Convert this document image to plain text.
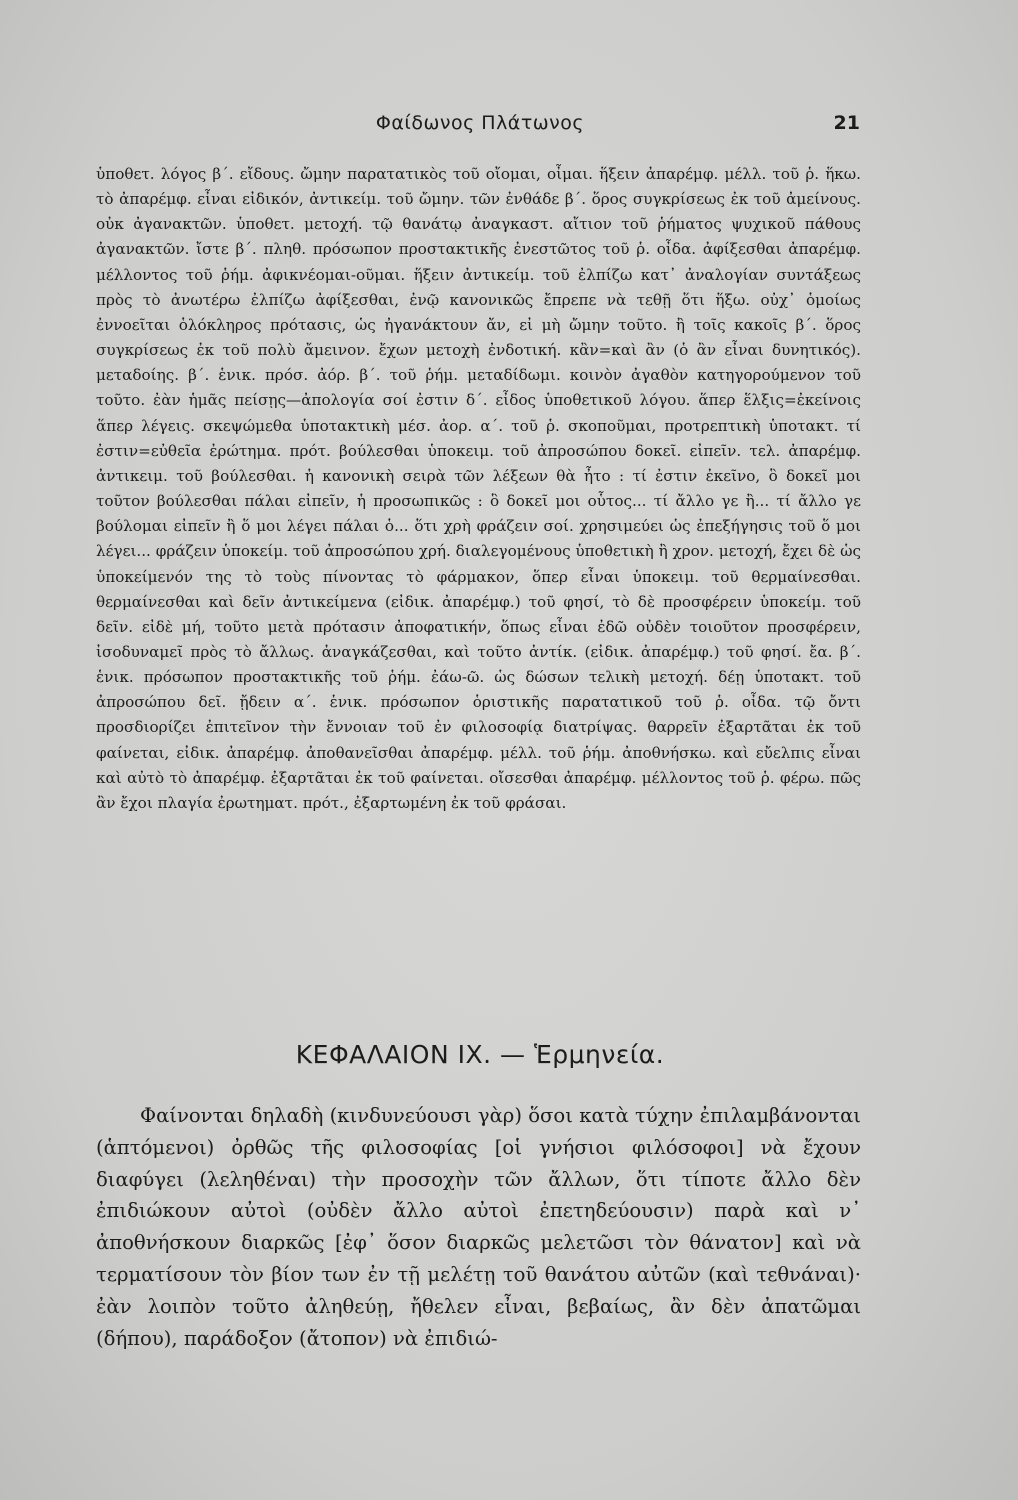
Φαίδωνος Πλάτωνος	21

ὑποθετ. λόγος β΄. εἴδους. ὤμην παρατατικὸς τοῦ οἴομαι, οἶμαι. ἥξειν ἀπαρέμφ. μέλλ. τοῦ ῥ. ἥκω. τὸ ἀπαρέμφ. εἶναι εἰδικόν, ἀντικείμ. τοῦ ὤμην. τῶν ἐνθάδε β΄. ὅρος συγκρίσεως ἐκ τοῦ ἀμείνους. οὐκ ἀγανακτῶν. ὑποθετ. μετοχή. τῷ θανάτῳ ἀναγκαστ. αἴτιον τοῦ ῥήματος ψυχικοῦ πάθους ἀγανακτῶν. ἴστε β΄. πληθ. πρόσωπον προστακτικῆς ἐνεστῶτος τοῦ ῥ. οἶδα. ἀφίξεσθαι ἀπαρέμφ. μέλλοντος τοῦ ῥήμ. ἀφικνέομαι-οῦμαι. ἥξειν ἀντικείμ. τοῦ ἐλπίζω κατ᾽ ἀναλογίαν συντάξεως πρὸς τὸ ἀνωτέρω ἐλπίζω ἀφίξεσθαι, ἐνῷ κανονικῶς ἔπρεπε νὰ τεθῇ ὅτι ἥξω. οὐχ᾽ ὁμοίως ἐννοεῖται ὁλόκληρος πρότασις, ὡς ἠγανάκτουν ἄν, εἰ μὴ ὤμην τοῦτο. ἢ τοῖς κακοῖς β΄. ὅρος συγκρίσεως ἐκ τοῦ πολὺ ἄμεινον. ἔχων μετοχὴ ἐνδοτική. κἂν=καὶ ἂν (ὁ ἂν εἶναι δυνητικός). μεταδοίης. β΄. ἑνικ. πρόσ. ἀόρ. β΄. τοῦ ῥήμ. μεταδίδωμι. κοινὸν ἀγαθὸν κατηγορούμενον τοῦ τοῦτο. ἐὰν ἡμᾶς πείσῃς—ἀπολογία σοί ἐστιν δ΄. εἶδος ὑποθετικοῦ λόγου. ἅπερ ἕλξις=ἐκείνοις ἅπερ λέγεις. σκεψώμεθα ὑποτακτικὴ μέσ. ἀορ. α΄. τοῦ ῥ. σκοποῦμαι, προτρεπτικὴ ὑποτακτ. τί ἐστιν=εὐθεῖα ἐρώτημα. πρότ. βούλεσθαι ὑποκειμ. τοῦ ἀπροσώπου δοκεῖ. εἰπεῖν. τελ. ἀπαρέμφ. ἀντικειμ. τοῦ βούλεσθαι. ἡ κανονικὴ σειρὰ τῶν λέξεων θὰ ἦτο : τί ἐστιν ἐκεῖνο, ὃ δοκεῖ μοι τοῦτον βούλεσθαι πάλαι εἰπεῖν, ἡ προσωπικῶς : ὃ δοκεῖ μοι οὗτος... τί ἄλλο γε ἢ... τί ἄλλο γε βούλομαι εἰπεῖν ἢ ὅ μοι λέγει πάλαι ὁ... ὅτι χρὴ φράζειν σοί. χρησιμεύει ὡς ἐπεξήγησις τοῦ ὅ μοι λέγει... φράζειν ὑποκείμ. τοῦ ἀπροσώπου χρή. διαλεγομένους ὑποθετικὴ ἢ χρον. μετοχή, ἔχει δὲ ὡς ὑποκείμενόν της τὸ τοὺς πίνοντας τὸ φάρμακον, ὅπερ εἶναι ὑποκειμ. τοῦ θερμαίνεσθαι. θερμαίνεσθαι καὶ δεῖν ἀντικείμενα (εἰδικ. ἀπαρέμφ.) τοῦ φησί, τὸ δὲ προσφέρειν ὑποκείμ. τοῦ δεῖν. εἰδὲ μή, τοῦτο μετὰ πρότασιν ἀποφατικήν, ὅπως εἶναι ἐδῶ οὐδὲν τοιοῦτον προσφέρειν, ἰσοδυναμεῖ πρὸς τὸ ἄλλως. ἀναγκάζεσθαι, καὶ τοῦτο ἀντίκ. (εἰδικ. ἀπαρέμφ.) τοῦ φησί. ἔα. β΄. ἑνικ. πρόσωπον προστακτικῆς τοῦ ῥήμ. ἐάω-ῶ. ὡς δώσων τελικὴ μετοχή. δέῃ ὑποτακτ. τοῦ ἀπροσώπου δεῖ. ᾔδειν α΄. ἑνικ. πρόσωπον ὁριστικῆς παρατατικοῦ τοῦ ῥ. οἶδα. τῷ ὄντι προσδιορίζει ἐπιτεῖνον τὴν ἔννοιαν τοῦ ἐν φιλοσοφίᾳ διατρίψας. θαρρεῖν ἐξαρτᾶται ἐκ τοῦ φαίνεται, εἰδικ. ἀπαρέμφ. ἀποθανεῖσθαι ἀπαρέμφ. μέλλ. τοῦ ῥήμ. ἀποθνήσκω. καὶ εὔελπις εἶναι καὶ αὐτὸ τὸ ἀπαρέμφ. ἐξαρτᾶται ἐκ τοῦ φαίνεται. οἴσεσθαι ἀπαρέμφ. μέλλοντος τοῦ ῥ. φέρω. πῶς ἂν ἔχοι πλαγία ἐρωτηματ. πρότ., ἐξαρτωμένη ἐκ τοῦ φράσαι.

ΚΕΦΑΛΑΙΟΝ IX. — Ἑρμηνεία.

Φαίνονται δηλαδὴ (κινδυνεύουσι γὰρ) ὅσοι κατὰ τύχην ἐπιλαμβάνονται (ἁπτόμενοι) ὀρθῶς τῆς φιλοσοφίας [οἱ γνήσιοι φιλόσοφοι] νὰ ἔχουν διαφύγει (λεληθέναι) τὴν προσοχὴν τῶν ἄλλων, ὅτι τίποτε ἄλλο δὲν ἐπιδιώκουν αὐτοὶ (οὐδὲν ἄλλο αὐτοὶ ἐπετηδεύουσιν) παρὰ καὶ ν᾽ ἀποθνήσκουν διαρκῶς [ἐφ᾽ ὅσον διαρκῶς μελετῶσι τὸν θάνατον] καὶ νὰ τερματίσουν τὸν βίον των ἐν τῇ μελέτῃ τοῦ θανάτου αὐτῶν (καὶ τεθνάναι)· ἐὰν λοιπὸν τοῦτο ἀληθεύῃ, ἤθελεν εἶναι, βεβαίως, ἂν δὲν ἀπατῶμαι (δήπου), παράδοξον (ἄτοπον) νὰ ἐπιδιώ-
